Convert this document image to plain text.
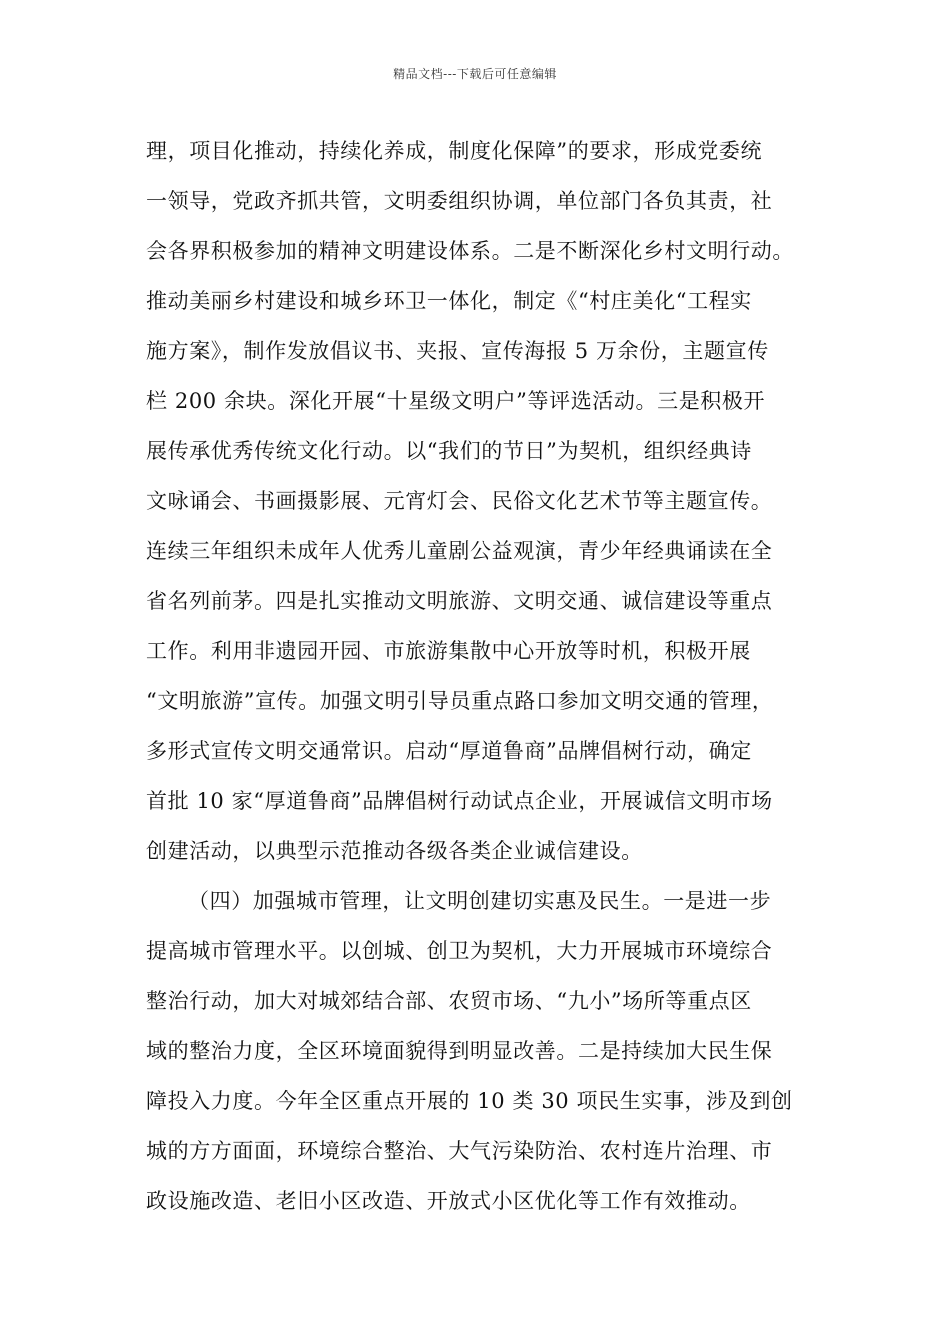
精品文档---下载后可任意编辑
理，项目化推动，持续化养成，制度化保障”的要求，形成党委统
一领导，党政齐抓共管，文明委组织协调，单位部门各负其责，社
会各界积极参加的精神文明建设体系。二是不断深化乡村文明行动。
推动美丽乡村建设和城乡环卫一体化，制定《“村庄美化“工程实
施方案》，制作发放倡议书、夹报、宣传海报 5 万余份，主题宣传
栏 200 余块。深化开展“十星级文明户”等评选活动。三是积极开
展传承优秀传统文化行动。以“我们的节日”为契机，组织经典诗
文咏诵会、书画摄影展、元宵灯会、民俗文化艺术节等主题宣传。
连续三年组织未成年人优秀儿童剧公益观演，青少年经典诵读在全
省名列前茅。四是扎实推动文明旅游、文明交通、诚信建设等重点
工作。利用非遗园开园、市旅游集散中心开放等时机，积极开展
“文明旅游”宣传。加强文明引导员重点路口参加文明交通的管理，
多形式宣传文明交通常识。启动“厚道鲁商”品牌倡树行动，确定
首批 10 家“厚道鲁商”品牌倡树行动试点企业，开展诚信文明市场
创建活动，以典型示范推动各级各类企业诚信建设。
（四）加强城市管理，让文明创建切实惠及民生。一是进一步
提高城市管理水平。以创城、创卫为契机，大力开展城市环境综合
整治行动，加大对城郊结合部、农贸市场、“九小”场所等重点区
域的整治力度，全区环境面貌得到明显改善。二是持续加大民生保
障投入力度。今年全区重点开展的 10 类 30 项民生实事，涉及到创
城的方方面面，环境综合整治、大气污染防治、农村连片治理、市
政设施改造、老旧小区改造、开放式小区优化等工作有效推动。
